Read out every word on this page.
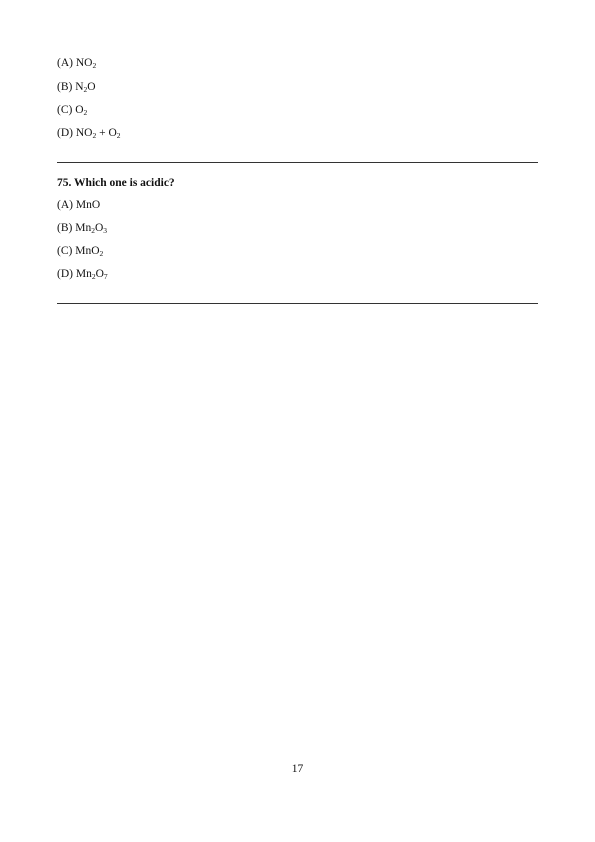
(A) $NO_2$
(B) $N_2O$
(C) $O_2$
(D) $NO_2 + O_2$
75. Which one is acidic?
(A) MnO
(B) $Mn_2O_3$
(C) MnO$_2$
(D) $Mn_2O_7$
17
